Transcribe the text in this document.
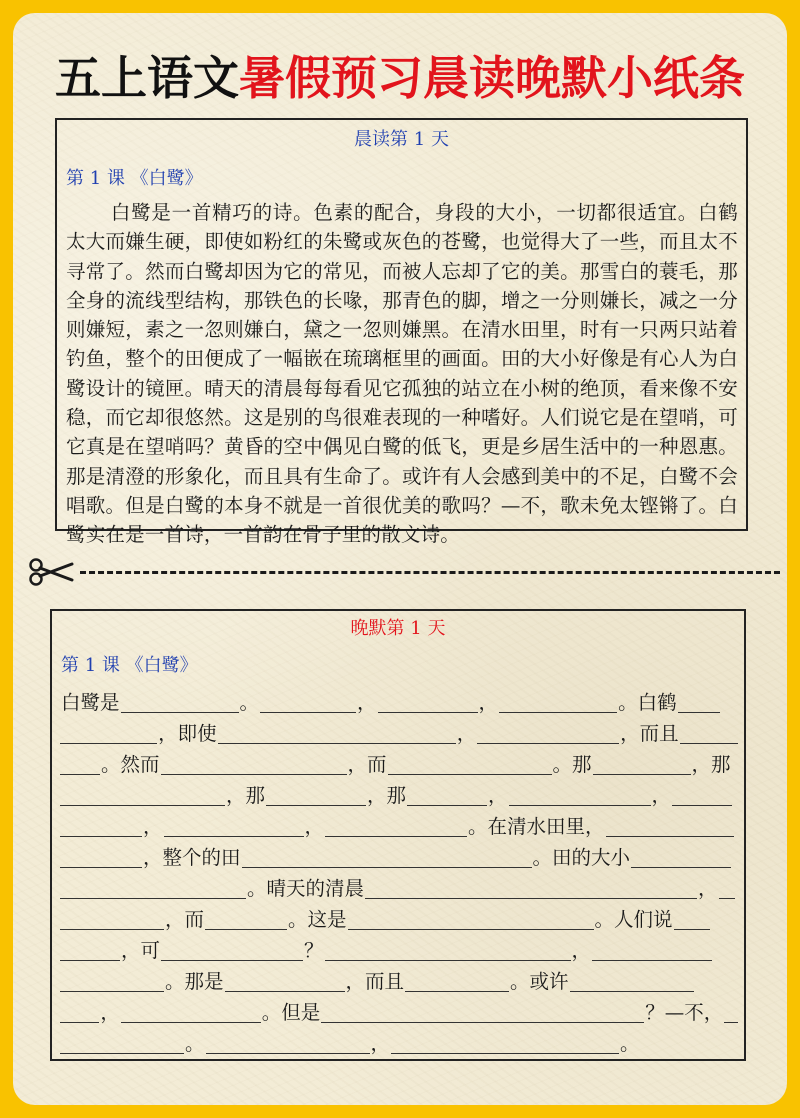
五上语文暑假预习晨读晚默小纸条
晨读第 1 天
第 1 课 《白鹭》
白鹭是一首精巧的诗。色素的配合，身段的大小，一切都很适宜。白鹤太大而嫌生硬，即使如粉红的朱鹭或灰色的苍鹭，也觉得大了一些，而且太不寻常了。然而白鹭却因为它的常见，而被人忘却了它的美。那雪白的蓑毛，那全身的流线型结构，那铁色的长喙，那青色的脚，增之一分则嫌长，减之一分则嫌短，素之一忽则嫌白，黛之一忽则嫌黑。在清水田里，时有一只两只站着钓鱼，整个的田便成了一幅嵌在琉璃框里的画面。田的大小好像是有心人为白鹭设计的镜匣。晴天的清晨每每看见它孤独的站立在小树的绝顶，看来像不安稳，而它却很悠然。这是别的鸟很难表现的一种嗜好。人们说它是在望哨，可它真是在望哨吗？黄昏的空中偶见白鹭的低飞，更是乡居生活中的一种恩惠。那是清澄的形象化，而且具有生命了。或许有人会感到美中的不足，白鹭不会唱歌。但是白鹭的本身不就是一首很优美的歌吗？—不，歌未免太铿锵了。白鹭实在是一首诗，一首韵在骨子里的散文诗。
晚默第 1 天
第 1 课 《白鹭》
白鹭是	。	，	，	。白鹤
，即使	，	，而且
。然而	，而	。那	，那
，那	，那	，	，
，	，	。在清水田里，
，整个的田	。田的大小
。晴天的清晨	，
，而	。这是	。人们说
，可	？	，
。那是	，而且	。或许
，	。但是	？—不，
。	，	。
